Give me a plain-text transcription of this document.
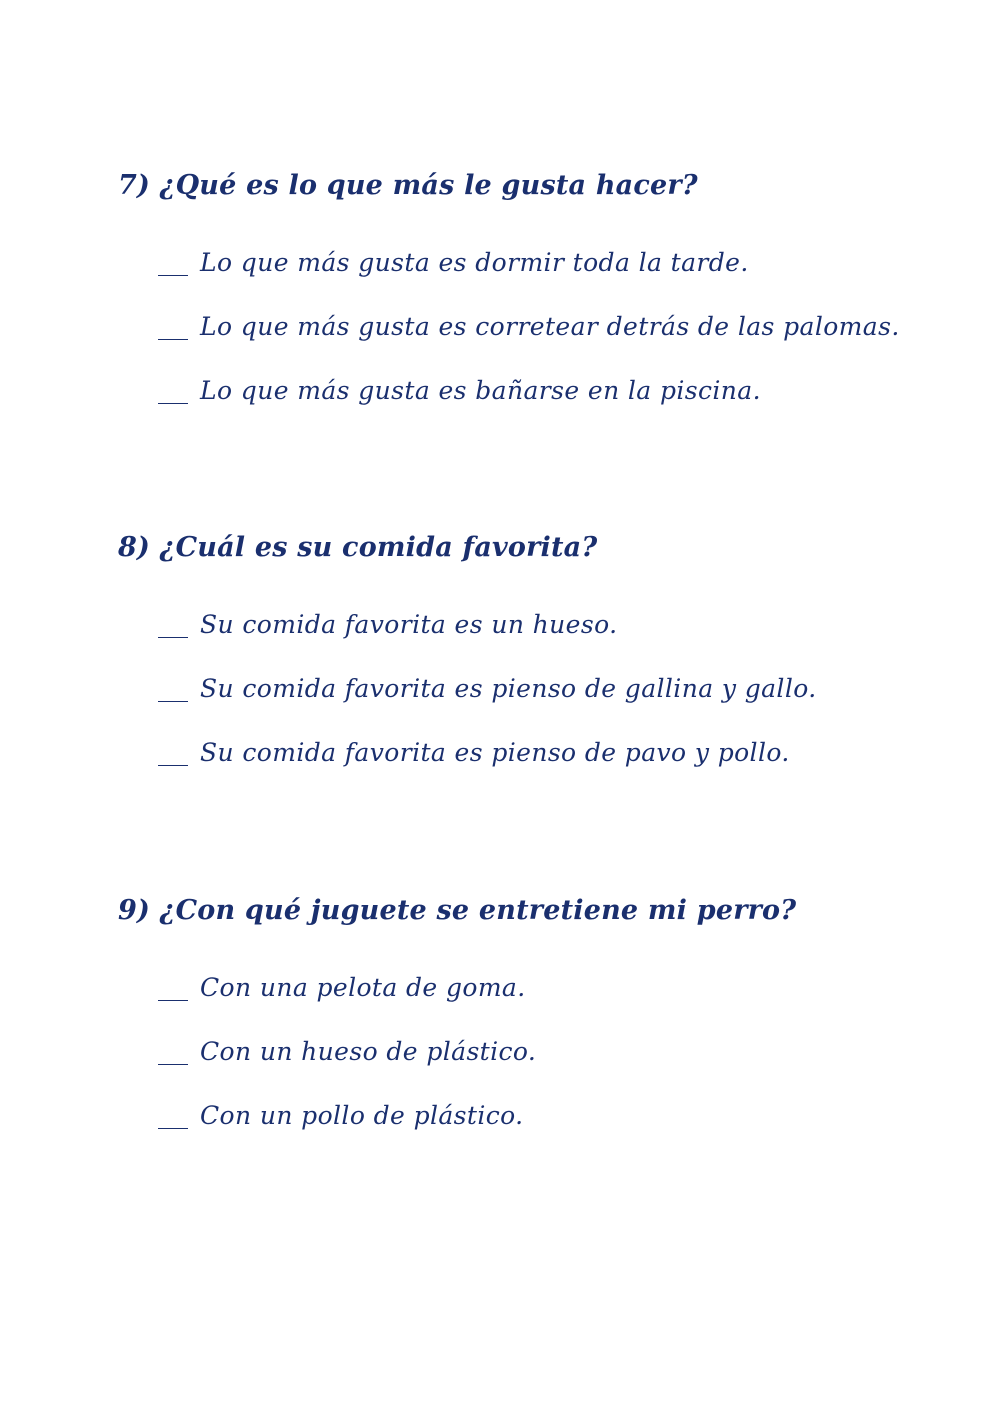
7) ¿Qué es lo que más le gusta hacer?
Lo que más gusta es dormir toda la tarde.
Lo que más gusta es corretear detrás de las palomas.
Lo que más gusta es bañarse en la piscina.
8) ¿Cuál es su comida favorita?
Su comida favorita es un hueso.
Su comida favorita es pienso de gallina y gallo.
Su comida favorita es pienso de pavo y pollo.
9) ¿Con qué juguete se entretiene mi perro?
Con una pelota de goma.
Con un hueso de plástico.
Con un pollo de plástico.
